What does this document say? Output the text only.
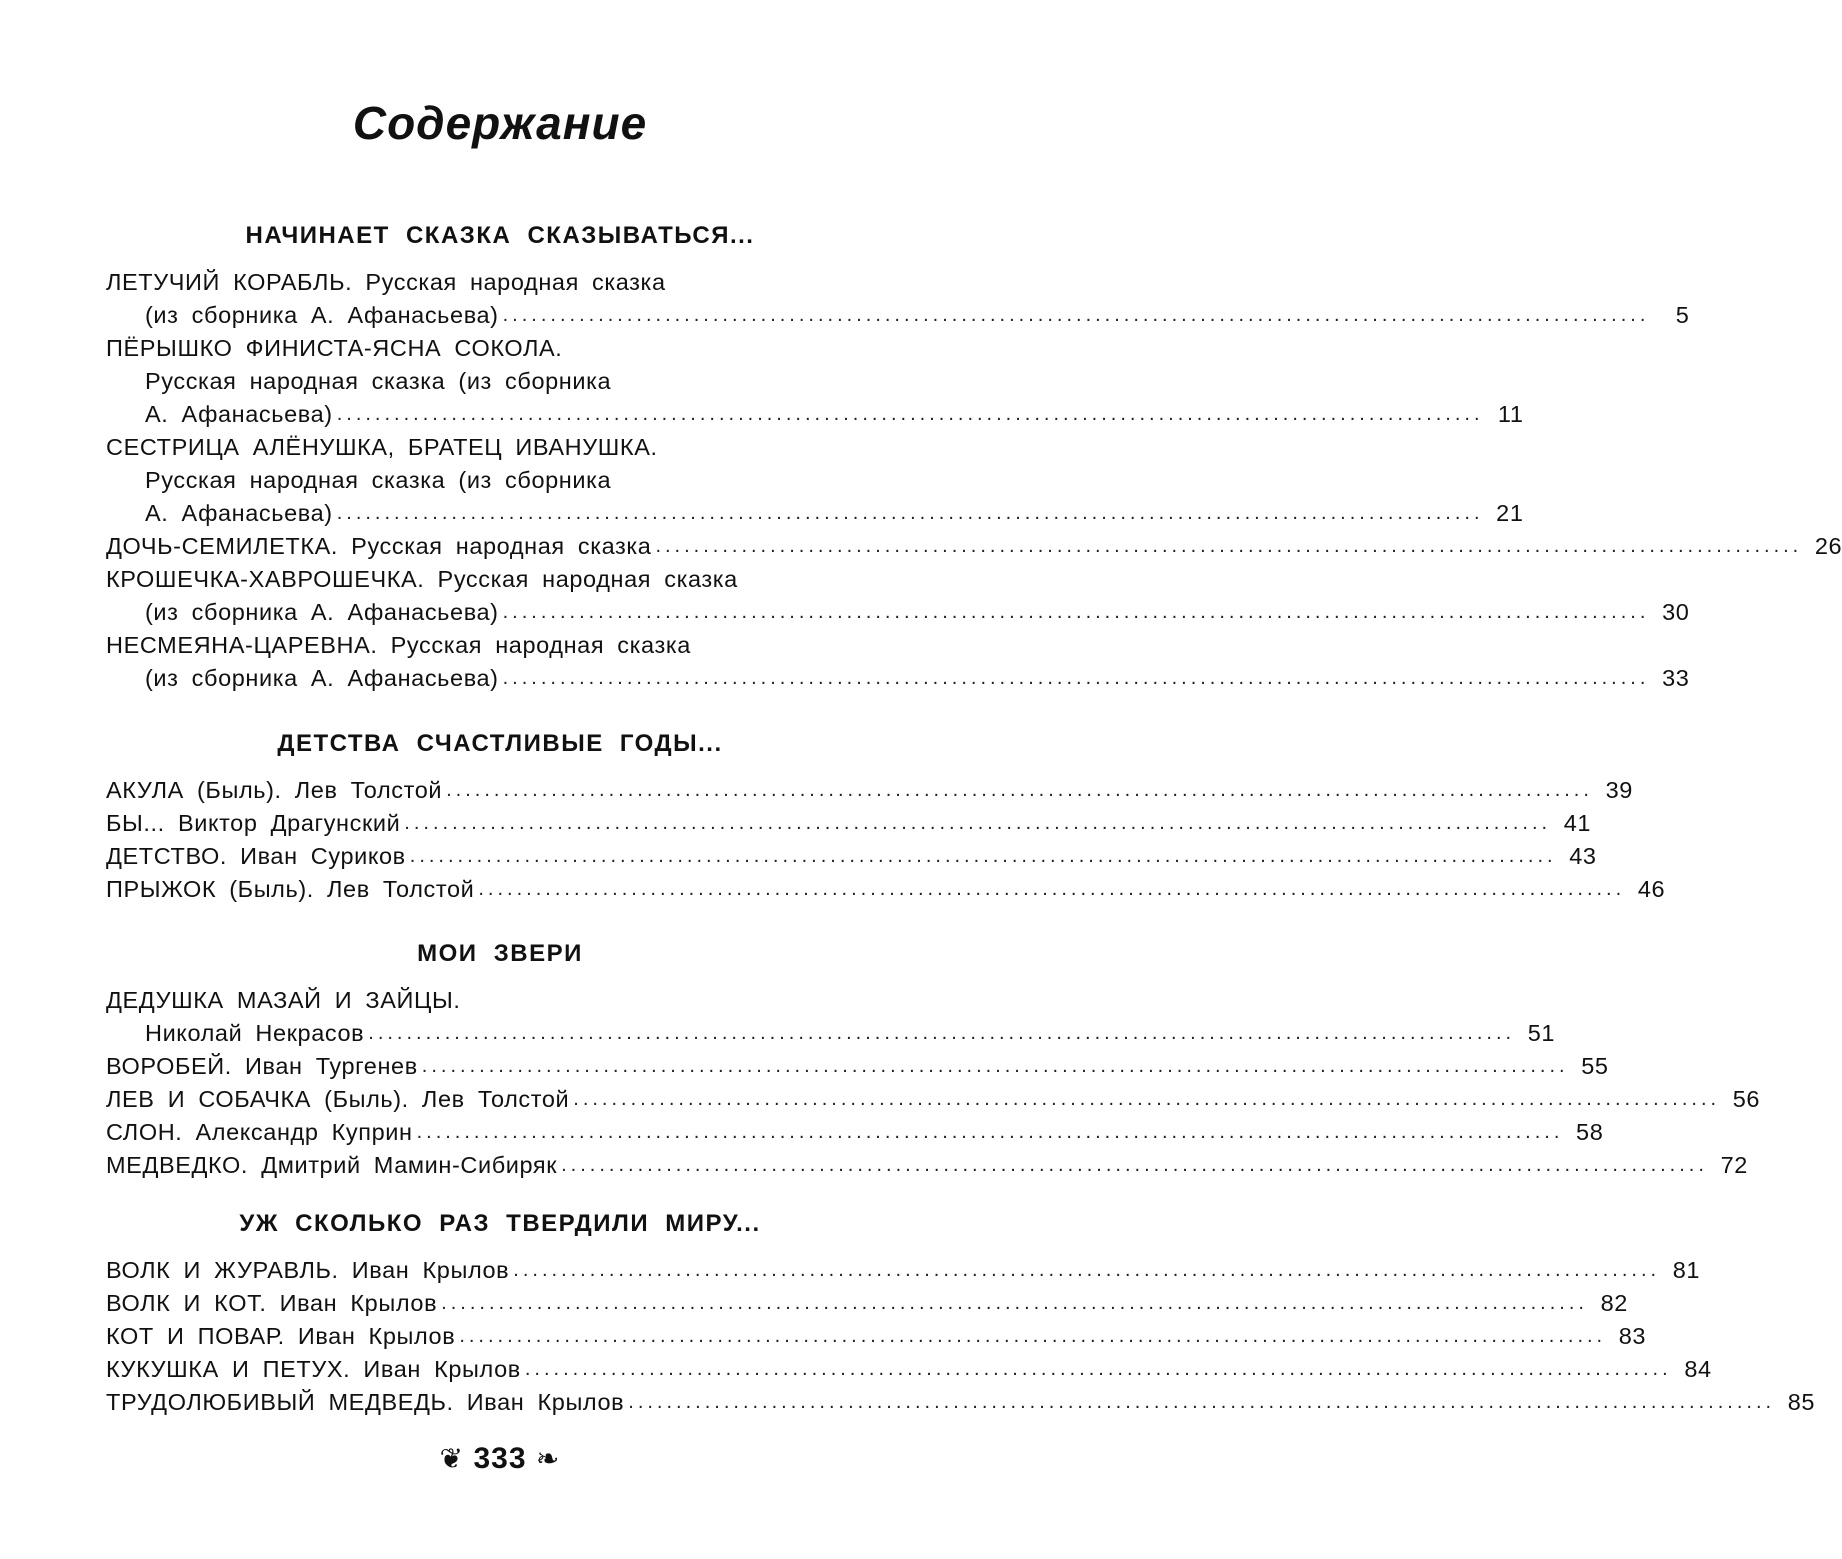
Содержание
НАЧИНАЕТ СКАЗКА СКАЗЫВАТЬСЯ...
ЛЕТУЧИЙ КОРАБЛЬ. Русская народная сказка
(из сборника А. Афанасьева) ........................................................................................................................	5
ПЁРЫШКО ФИНИСТА-ЯСНА СОКОЛА.
Русская народная сказка (из сборника
А. Афанасьева) ........................................................................................................................ 11
СЕСТРИЦА АЛЁНУШКА, БРАТЕЦ ИВАНУШКА.
Русская народная сказка (из сборника
А. Афанасьева) ........................................................................................................................ 21
ДОЧЬ-СЕМИЛЕТКА. Русская народная сказка ........................................................................................................................ 26
КРОШЕЧКА-ХАВРОШЕЧКА. Русская народная сказка
(из сборника А. Афанасьева) ........................................................................................................................ 30
НЕСМЕЯНА-ЦАРЕВНА. Русская народная сказка
(из сборника А. Афанасьева) ........................................................................................................................ 33
ДЕТСТВА СЧАСТЛИВЫЕ ГОДЫ...
АКУЛА (Быль). Лев Толстой ........................................................................................................................ 39
БЫ... Виктор Драгунский ........................................................................................................................ 41
ДЕТСТВО. Иван Суриков ........................................................................................................................ 43
ПРЫЖОК (Быль). Лев Толстой ........................................................................................................................ 46
МОИ ЗВЕРИ
ДЕДУШКА МАЗАЙ И ЗАЙЦЫ.
Николай Некрасов ........................................................................................................................ 51
ВОРОБЕЙ. Иван Тургенев ........................................................................................................................ 55
ЛЕВ И СОБАЧКА (Быль). Лев Толстой ........................................................................................................................ 56
СЛОН. Александр Куприн ........................................................................................................................ 58
МЕДВЕДКО. Дмитрий Мамин-Сибиряк ........................................................................................................................ 72
УЖ СКОЛЬКО РАЗ ТВЕРДИЛИ МИРУ...
ВОЛК И ЖУРАВЛЬ. Иван Крылов ........................................................................................................................ 81
ВОЛК И КОТ. Иван Крылов ........................................................................................................................ 82
КОТ И ПОВАР. Иван Крылов ........................................................................................................................ 83
КУКУШКА И ПЕТУХ. Иван Крылов ........................................................................................................................ 84
ТРУДОЛЮБИВЫЙ МЕДВЕДЬ. Иван Крылов ........................................................................................................................ 85
❦ 333 ❧
